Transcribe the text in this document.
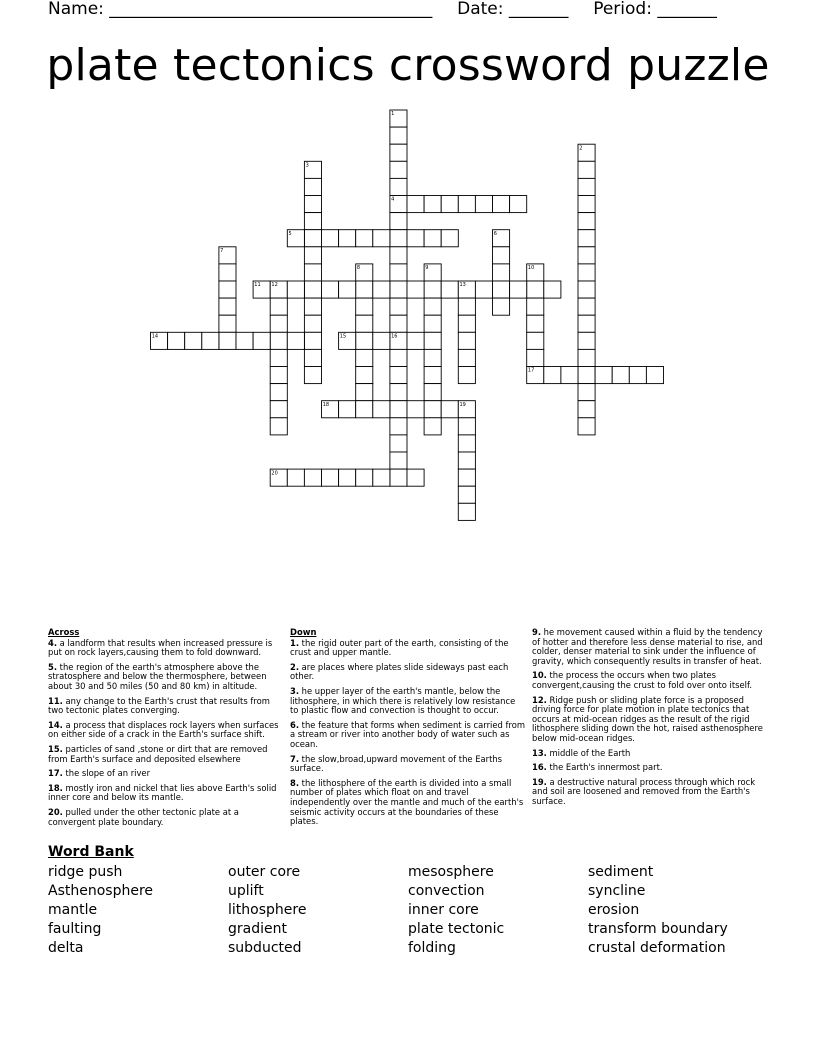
Name: ______________________________________ Date: _______ Period: _______
plate tectonics crossword puzzle
1
2
3
4
5	6
7
8	9	10
11 12	13
14	15	16
17
18	19
20
Across
4. a landform that results when increased pressure is put on rock layers,causing them to fold downward.
5. the region of the earth's atmosphere above the stratosphere and below the thermosphere, between about 30 and 50 miles (50 and 80 km) in altitude.
11. any change to the Earth's crust that results from two tectonic plates converging.
14. a process that displaces rock layers when surfaces on either side of a crack in the Earth's surface shift.
15. particles of sand ,stone or dirt that are removed from Earth's surface and deposited elsewhere
17. the slope of an river
18. mostly iron and nickel that lies above Earth's solid inner core and below its mantle.
20. pulled under the other tectonic plate at a convergent plate boundary.
Down
1. the rigid outer part of the earth, consisting of the crust and upper mantle.
2. are places where plates slide sideways past each other.
3. he upper layer of the earth's mantle, below the lithosphere, in which there is relatively low resistance to plastic flow and convection is thought to occur.
6. the feature that forms when sediment is carried from a stream or river into another body of water such as ocean.
7. the slow,broad,upward movement of the Earths surface.
8. the lithosphere of the earth is divided into a small number of plates which float on and travel independently over the mantle and much of the earth's seismic activity occurs at the boundaries of these plates.
9. he movement caused within a fluid by the tendency of hotter and therefore less dense material to rise, and colder, denser material to sink under the influence of gravity, which consequently results in transfer of heat.
10. the process the occurs when two plates convergent,causing the crust to fold over onto itself.
12. Ridge push or sliding plate force is a proposed driving force for plate motion in plate tectonics that occurs at mid-ocean ridges as the result of the rigid lithosphere sliding down the hot, raised asthenosphere below mid-ocean ridges.
13. middle of the Earth
16. the Earth's innermost part.
19. a destructive natural process through which rock and soil are loosened and removed from the Earth's surface.
Word Bank
ridge push
Asthenosphere
mantle
faulting
delta
outer core
uplift
lithosphere
gradient
subducted
mesosphere
convection
inner core
plate tectonic
folding
sediment
syncline
erosion
transform boundary
crustal deformation
